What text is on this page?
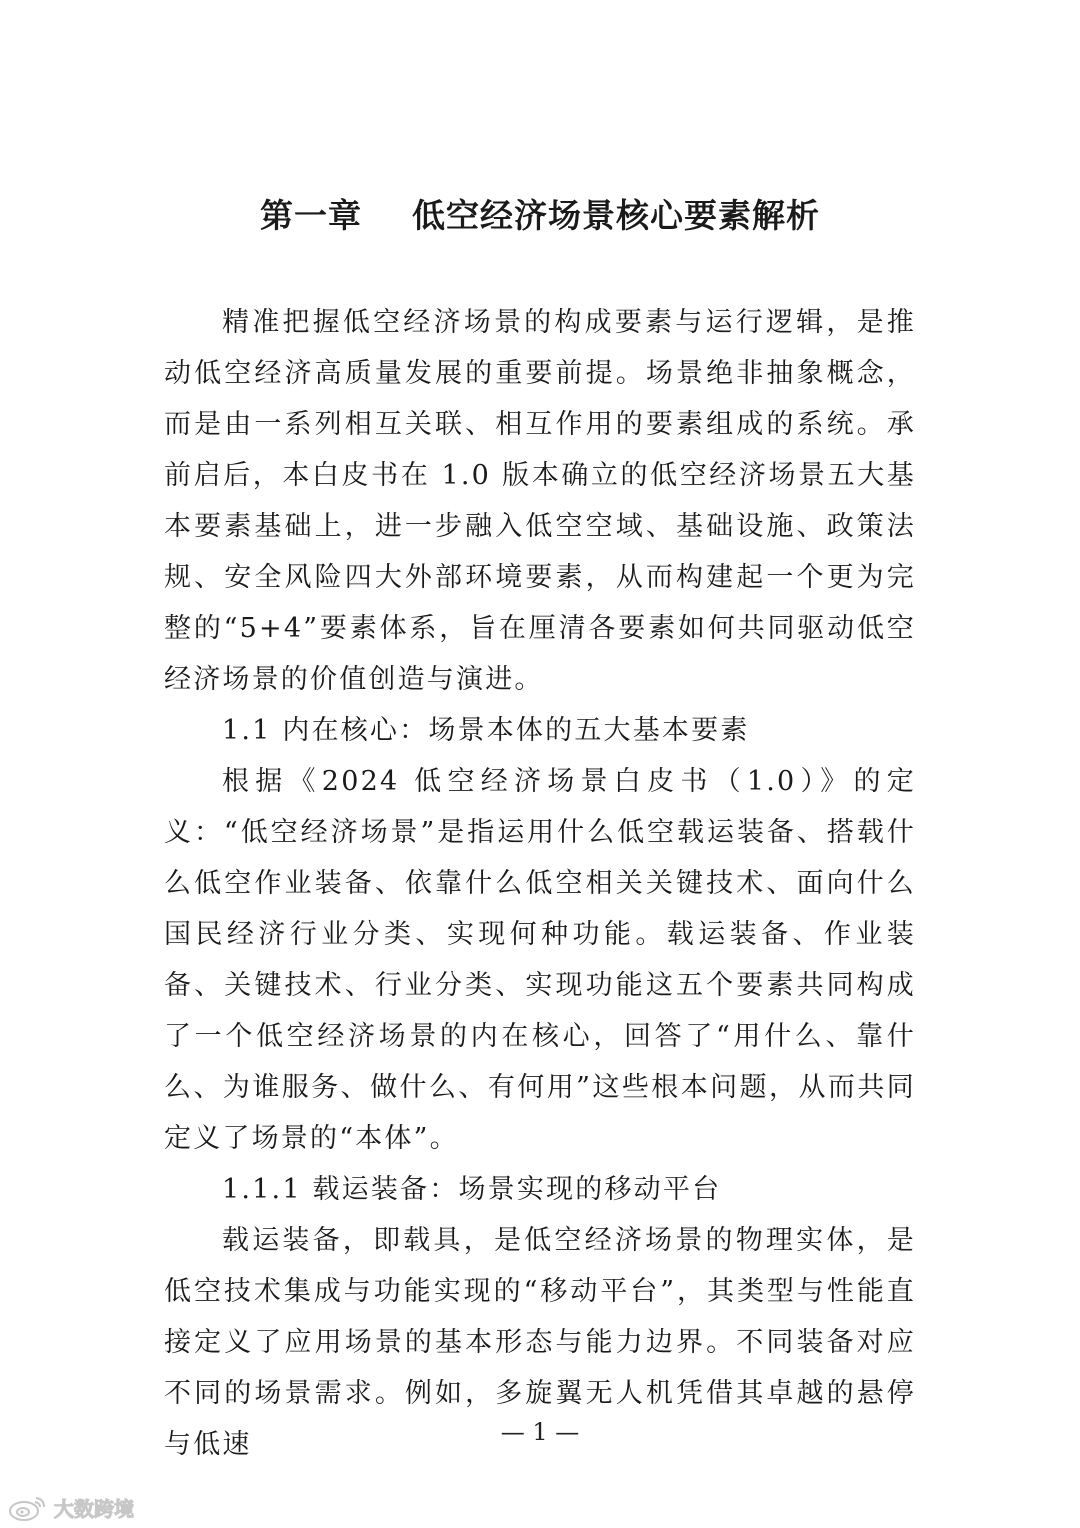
第一章    低空经济场景核心要素解析

精准把握低空经济场景的构成要素与运行逻辑，是推动低空经济高质量发展的重要前提。场景绝非抽象概念，而是由一系列相互关联、相互作用的要素组成的系统。承前启后，本白皮书在 1.0 版本确立的低空经济场景五大基本要素基础上，进一步融入低空空域、基础设施、政策法规、安全风险四大外部环境要素，从而构建起一个更为完整的“5+4”要素体系，旨在厘清各要素如何共同驱动低空经济场景的价值创造与演进。

1.1 内在核心：场景本体的五大基本要素

根据《2024 低空经济场景白皮书（1.0）》的定义：“低空经济场景”是指运用什么低空载运装备、搭载什么低空作业装备、依靠什么低空相关关键技术、面向什么国民经济行业分类、实现何种功能。载运装备、作业装备、关键技术、行业分类、实现功能这五个要素共同构成了一个低空经济场景的内在核心，回答了“用什么、靠什么、为谁服务、做什么、有何用”这些根本问题，从而共同定义了场景的“本体”。

1.1.1 载运装备：场景实现的移动平台

载运装备，即载具，是低空经济场景的物理实体，是低空技术集成与功能实现的“移动平台”，其类型与性能直接定义了应用场景的基本形态与能力边界。不同装备对应不同的场景需求。例如，多旋翼无人机凭借其卓越的悬停与低速	— 1 —
大数跨境
